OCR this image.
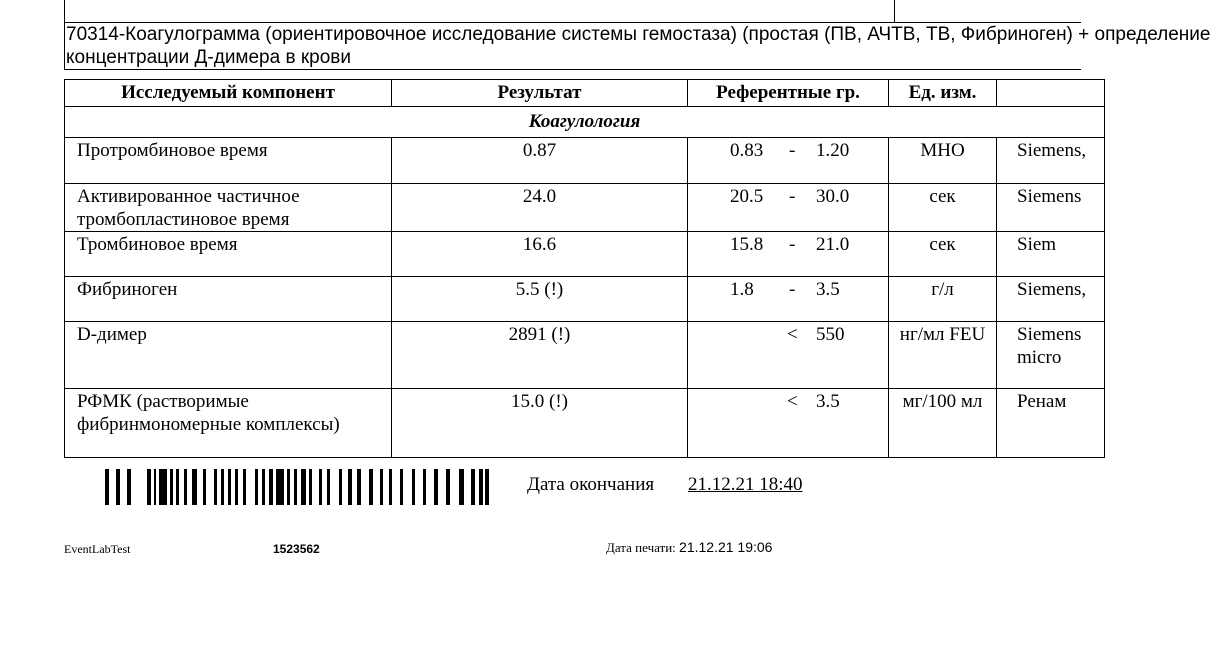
70314-Коагулограмма (ориентировочное исследование системы гемостаза) (простая (ПВ, АЧТВ, ТВ, Фибриноген) + определение
концентрации Д-димера в крови
Исследуемый компонент	Результат	Референтные гр.	Ед. изм.	
Коагулология				
Протромбиновое время	0.87	0.83 - 1.20	МНО	Siemens,
Активированное частичное тромбопластиновое время	24.0	20.5 - 30.0	сек	Siemens
Тромбиновое время	16.6	15.8 - 21.0	сек	Siem
Фибриноген	5.5 (!)	1.8 - 3.5	г/л	Siemens,
D-димер	2891 (!)	< 550	нг/мл FEU	Siemens micro
РФМК (растворимые фибринмономерные комплексы)	15.0 (!)	< 3.5	мг/100 мл	Ренам
Дата окончания 21.12.21 18:40
EventLabTest	1523562	Дата печати: 21.12.21 19:06
